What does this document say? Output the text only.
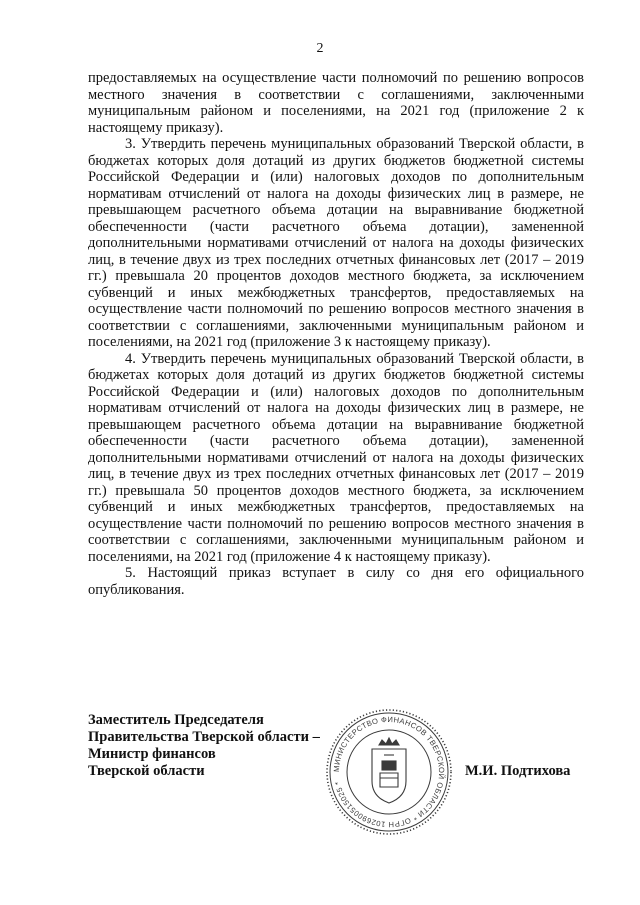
2

предоставляемых на осуществление части полномочий по решению вопросов местного значения в соответствии с соглашениями, заключенными муниципальным районом и поселениями, на 2021 год (приложение 2 к настоящему приказу).

3. Утвердить перечень муниципальных образований Тверской области, в бюджетах которых доля дотаций из других бюджетов бюджетной системы Российской Федерации и (или) налоговых доходов по дополнительным нормативам отчислений от налога на доходы физических лиц в размере, не превышающем расчетного объема дотации на выравнивание бюджетной обеспеченности (части расчетного объема дотации), замененной дополнительными нормативами отчислений от налога на доходы физических лиц, в течение двух из трех последних отчетных финансовых лет (2017 – 2019 гг.) превышала 20 процентов доходов местного бюджета, за исключением субвенций и иных межбюджетных трансфертов, предоставляемых на осуществление части полномочий по решению вопросов местного значения в соответствии с соглашениями, заключенными муниципальным районом и поселениями, на 2021 год (приложение 3 к настоящему приказу).

4. Утвердить перечень муниципальных образований Тверской области, в бюджетах которых доля дотаций из других бюджетов бюджетной системы Российской Федерации и (или) налоговых доходов по дополнительным нормативам отчислений от налога на доходы физических лиц в размере, не превышающем расчетного объема дотации на выравнивание бюджетной обеспеченности (части расчетного объема дотации), замененной дополнительными нормативами отчислений от налога на доходы физических лиц, в течение двух из трех последних отчетных финансовых лет (2017 – 2019 гг.) превышала 50 процентов доходов местного бюджета, за исключением субвенций и иных межбюджетных трансфертов, предоставляемых на осуществление части полномочий по решению вопросов местного значения в соответствии с соглашениями, заключенными муниципальным районом и поселениями, на 2021 год (приложение 4 к настоящему приказу).

5. Настоящий приказ вступает в силу со дня его официального опубликования.

Заместитель Председателя
Правительства Тверской области –
Министр финансов
Тверской области	МИНИСТЕРСТВО ФИНАНСОВ ТВЕРСКОЙ ОБЛАСТИ * ОГРН 1026900515025 *
М.И. Подтихова
